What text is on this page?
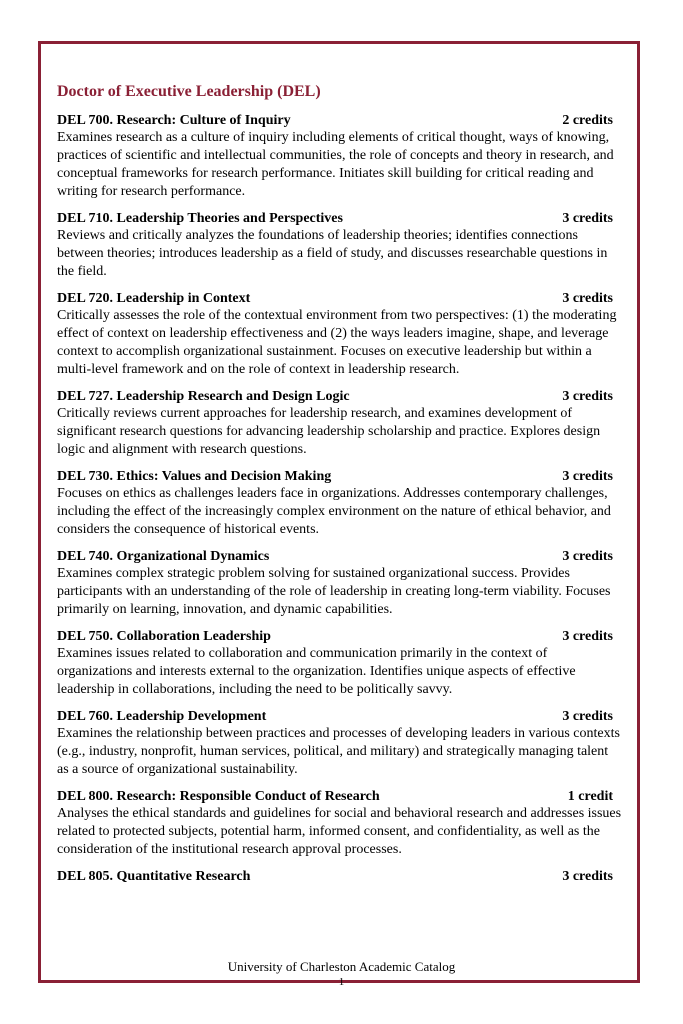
Doctor of Executive Leadership (DEL)
DEL 700. Research: Culture of Inquiry	2 credits

Examines research as a culture of inquiry including elements of critical thought, ways of knowing, practices of scientific and intellectual communities, the role of concepts and theory in research, and conceptual frameworks for research performance. Initiates skill building for critical reading and writing for research performance.

DEL 710. Leadership Theories and Perspectives	3 credits

Reviews and critically analyzes the foundations of leadership theories; identifies connections between theories; introduces leadership as a field of study, and discusses researchable questions in the field.

DEL 720. Leadership in Context	3 credits

Critically assesses the role of the contextual environment from two perspectives: (1) the moderating effect of context on leadership effectiveness and (2) the ways leaders imagine, shape, and leverage context to accomplish organizational sustainment. Focuses on executive leadership but within a multi-level framework and on the role of context in leadership research.

DEL 727. Leadership Research and Design Logic	3 credits

Critically reviews current approaches for leadership research, and examines development of significant research questions for advancing leadership scholarship and practice. Explores design logic and alignment with research questions.

DEL 730. Ethics: Values and Decision Making	3 credits

Focuses on ethics as challenges leaders face in organizations. Addresses contemporary challenges, including the effect of the increasingly complex environment on the nature of ethical behavior, and considers the consequence of historical events.

DEL 740. Organizational Dynamics	3 credits

Examines complex strategic problem solving for sustained organizational success. Provides participants with an understanding of the role of leadership in creating long-term viability. Focuses primarily on learning, innovation, and dynamic capabilities.

DEL 750. Collaboration Leadership	3 credits

Examines issues related to collaboration and communication primarily in the context of organizations and interests external to the organization. Identifies unique aspects of effective leadership in collaborations, including the need to be politically savvy.

DEL 760. Leadership Development	3 credits

Examines the relationship between practices and processes of developing leaders in various contexts (e.g., industry, nonprofit, human services, political, and military) and strategically managing talent as a source of organizational sustainability.

DEL 800. Research: Responsible Conduct of Research	1 credit

Analyses the ethical standards and guidelines for social and behavioral research and addresses issues related to protected subjects, potential harm, informed consent, and confidentiality, as well as the consideration of the institutional research approval processes.

DEL 805. Quantitative Research	3 credits
University of Charleston Academic Catalog
1
